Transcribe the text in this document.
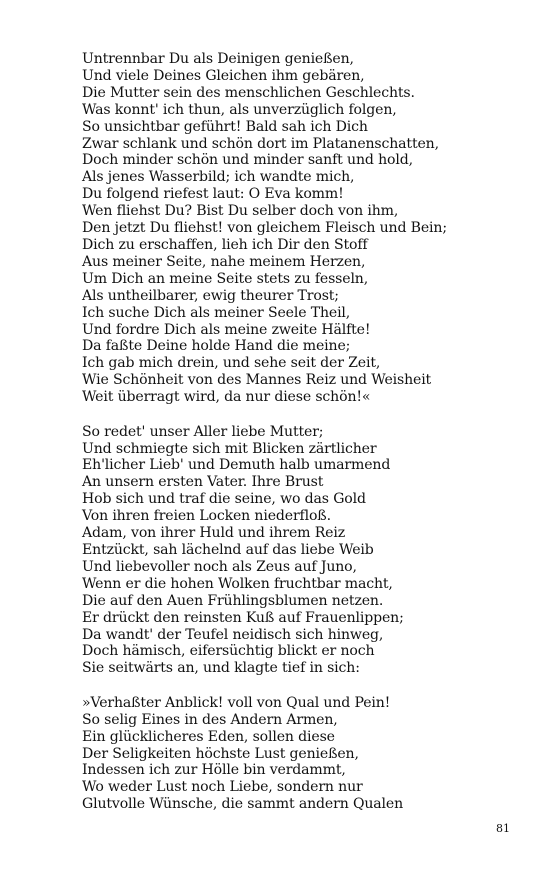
Untrennbar Du als Deinigen genießen,
Und viele Deines Gleichen ihm gebären,
Die Mutter sein des menschlichen Geschlechts.
Was konnt' ich thun, als unverzüglich folgen,
So unsichtbar geführt! Bald sah ich Dich
Zwar schlank und schön dort im Platanenschatten,
Doch minder schön und minder sanft und hold,
Als jenes Wasserbild; ich wandte mich,
Du folgend riefest laut: O Eva komm!
Wen fliehst Du? Bist Du selber doch von ihm,
Den jetzt Du fliehst! von gleichem Fleisch und Bein;
Dich zu erschaffen, lieh ich Dir den Stoff
Aus meiner Seite, nahe meinem Herzen,
Um Dich an meine Seite stets zu fesseln,
Als untheilbarer, ewig theurer Trost;
Ich suche Dich als meiner Seele Theil,
Und fordre Dich als meine zweite Hälfte!
Da faßte Deine holde Hand die meine;
Ich gab mich drein, und sehe seit der Zeit,
Wie Schönheit von des Mannes Reiz und Weisheit
Weit überragt wird, da nur diese schön!«
So redet' unser Aller liebe Mutter;
Und schmiegte sich mit Blicken zärtlicher
Eh'licher Lieb' und Demuth halb umarmend
An unsern ersten Vater. Ihre Brust
Hob sich und traf die seine, wo das Gold
Von ihren freien Locken niederfloß.
Adam, von ihrer Huld und ihrem Reiz
Entzückt, sah lächelnd auf das liebe Weib
Und liebevoller noch als Zeus auf Juno,
Wenn er die hohen Wolken fruchtbar macht,
Die auf den Auen Frühlingsblumen netzen.
Er drückt den reinsten Kuß auf Frauenlippen;
Da wandt' der Teufel neidisch sich hinweg,
Doch hämisch, eifersüchtig blickt er noch
Sie seitwärts an, und klagte tief in sich:
»Verhaßter Anblick! voll von Qual und Pein!
So selig Eines in des Andern Armen,
Ein glücklicheres Eden, sollen diese
Der Seligkeiten höchste Lust genießen,
Indessen ich zur Hölle bin verdammt,
Wo weder Lust noch Liebe, sondern nur
Glutvolle Wünsche, die sammt andern Qualen
81
